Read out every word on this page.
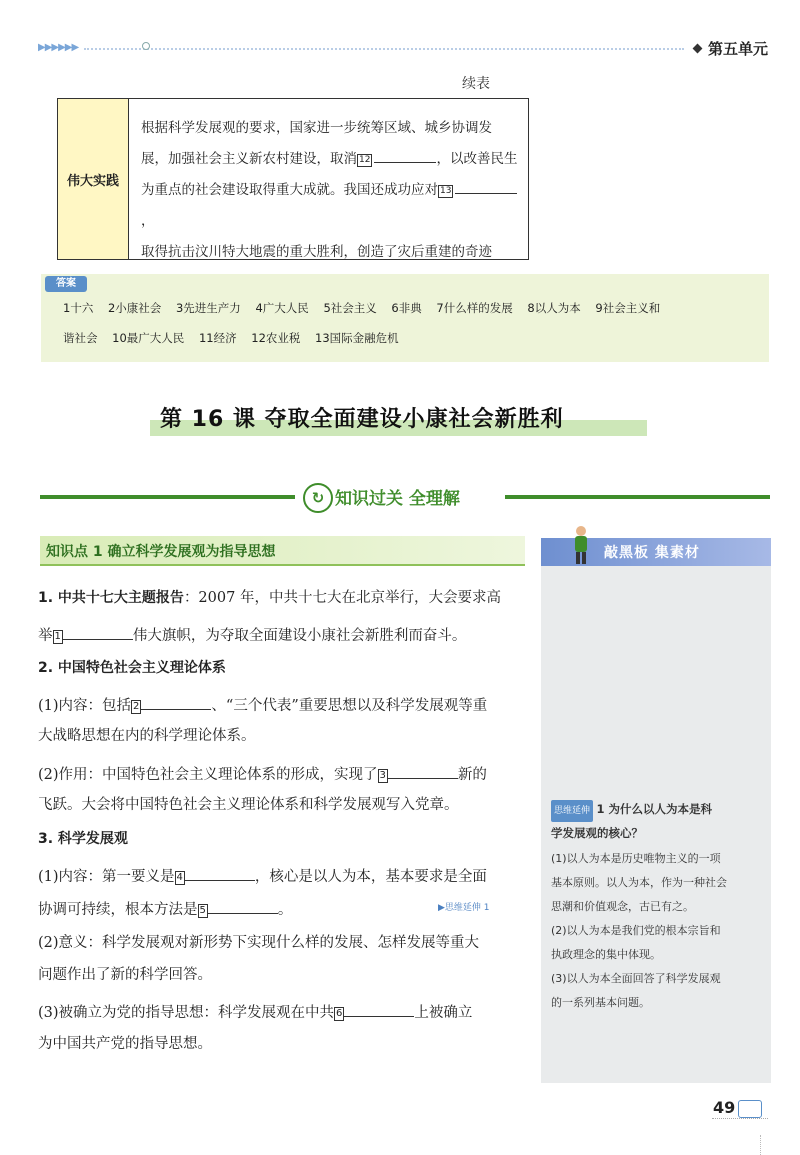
▶▶▶▶▶▶	第五单元
续表
伟大实践
根据科学发展观的要求，国家进一步统筹区域、城乡协调发
展，加强社会主义新农村建设，取消 12	，以改善民生
为重点的社会建设取得重大成就。我国还成功应对 13，
取得抗击汶川特大地震的重大胜利，创造了灾后重建的奇迹
答案
1十六 2小康社会 3先进生产力 4广大人民 5社会主义 6非典 7什么样的发展 8以人为本 9社会主义和
谐社会 10最广大人民 11经济 12农业税 13国际金融危机
第 16 课 夺取全面建设小康社会新胜利
↻ 知识过关 全理解
知识点 1 确立科学发展观为指导思想
1. 中共十七大主题报告：2007 年，中共十七大在北京举行，大会要求高
举 1	伟大旗帜，为夺取全面建设小康社会新胜利而奋斗。
2. 中国特色社会主义理论体系
(1)内容：包括 2	、“三个代表”重要思想以及科学发展观等重
大战略思想在内的科学理论体系。
(2)作用：中国特色社会主义理论体系的形成，实现了 3	新的
飞跃。大会将中国特色社会主义理论体系和科学发展观写入党章。
3. 科学发展观
(1)内容：第一要义是 4	，核心是以人为本，基本要求是全面
协调可持续，根本方法是 5	。	▶思维延伸 1
(2)意义：科学发展观对新形势下实现什么样的发展、怎样发展等重大
问题作出了新的科学回答。
(3)被确立为党的指导思想：科学发展观在中共 6	上被确立
为中国共产党的指导思想。
敲黑板 集素材
思维延伸 1 为什么以人为本是科
学发展观的核心？
(1)以人为本是历史唯物主义的一项
基本原则。以人为本，作为一种社会
思潮和价值观念，古已有之。
(2)以人为本是我们党的根本宗旨和
执政理念的集中体现。
(3)以人为本全面回答了科学发展观
的一系列基本问题。
49
